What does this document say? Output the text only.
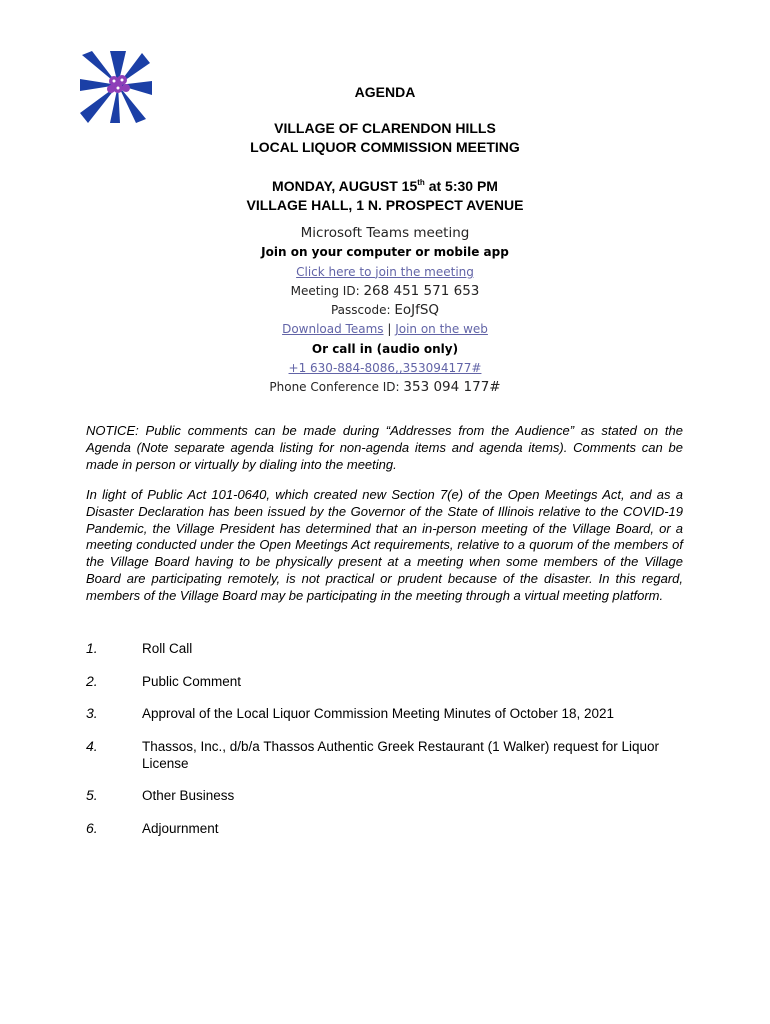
AGENDA
VILLAGE OF CLARENDON HILLS
LOCAL LIQUOR COMMISSION MEETING
MONDAY, AUGUST 15th at 5:30 PM
VILLAGE HALL, 1 N. PROSPECT AVENUE
Microsoft Teams meeting
Join on your computer or mobile app
Click here to join the meeting
Meeting ID: 268 451 571 653
Passcode: EoJfSQ
Download Teams | Join on the web
Or call in (audio only)
+1 630-884-8086,,353094177#
Phone Conference ID: 353 094 177#
NOTICE: Public comments can be made during “Addresses from the Audience” as stated on the Agenda (Note separate agenda listing for non-agenda items and agenda items). Comments can be made in person or virtually by dialing into the meeting.
In light of Public Act 101-0640, which created new Section 7(e) of the Open Meetings Act, and as a Disaster Declaration has been issued by the Governor of the State of Illinois relative to the COVID-19 Pandemic, the Village President has determined that an in-person meeting of the Village Board, or a meeting conducted under the Open Meetings Act requirements, relative to a quorum of the members of the Village Board having to be physically present at a meeting when some members of the Village Board are participating remotely, is not practical or prudent because of the disaster. In this regard, members of the Village Board may be participating in the meeting through a virtual meeting platform.
1.	Roll Call
2.	Public Comment
3.	Approval of the Local Liquor Commission Meeting Minutes of October 18, 2021
4.	Thassos, Inc., d/b/a Thassos Authentic Greek Restaurant (1 Walker) request for Liquor License
5.	Other Business
6.	Adjournment
